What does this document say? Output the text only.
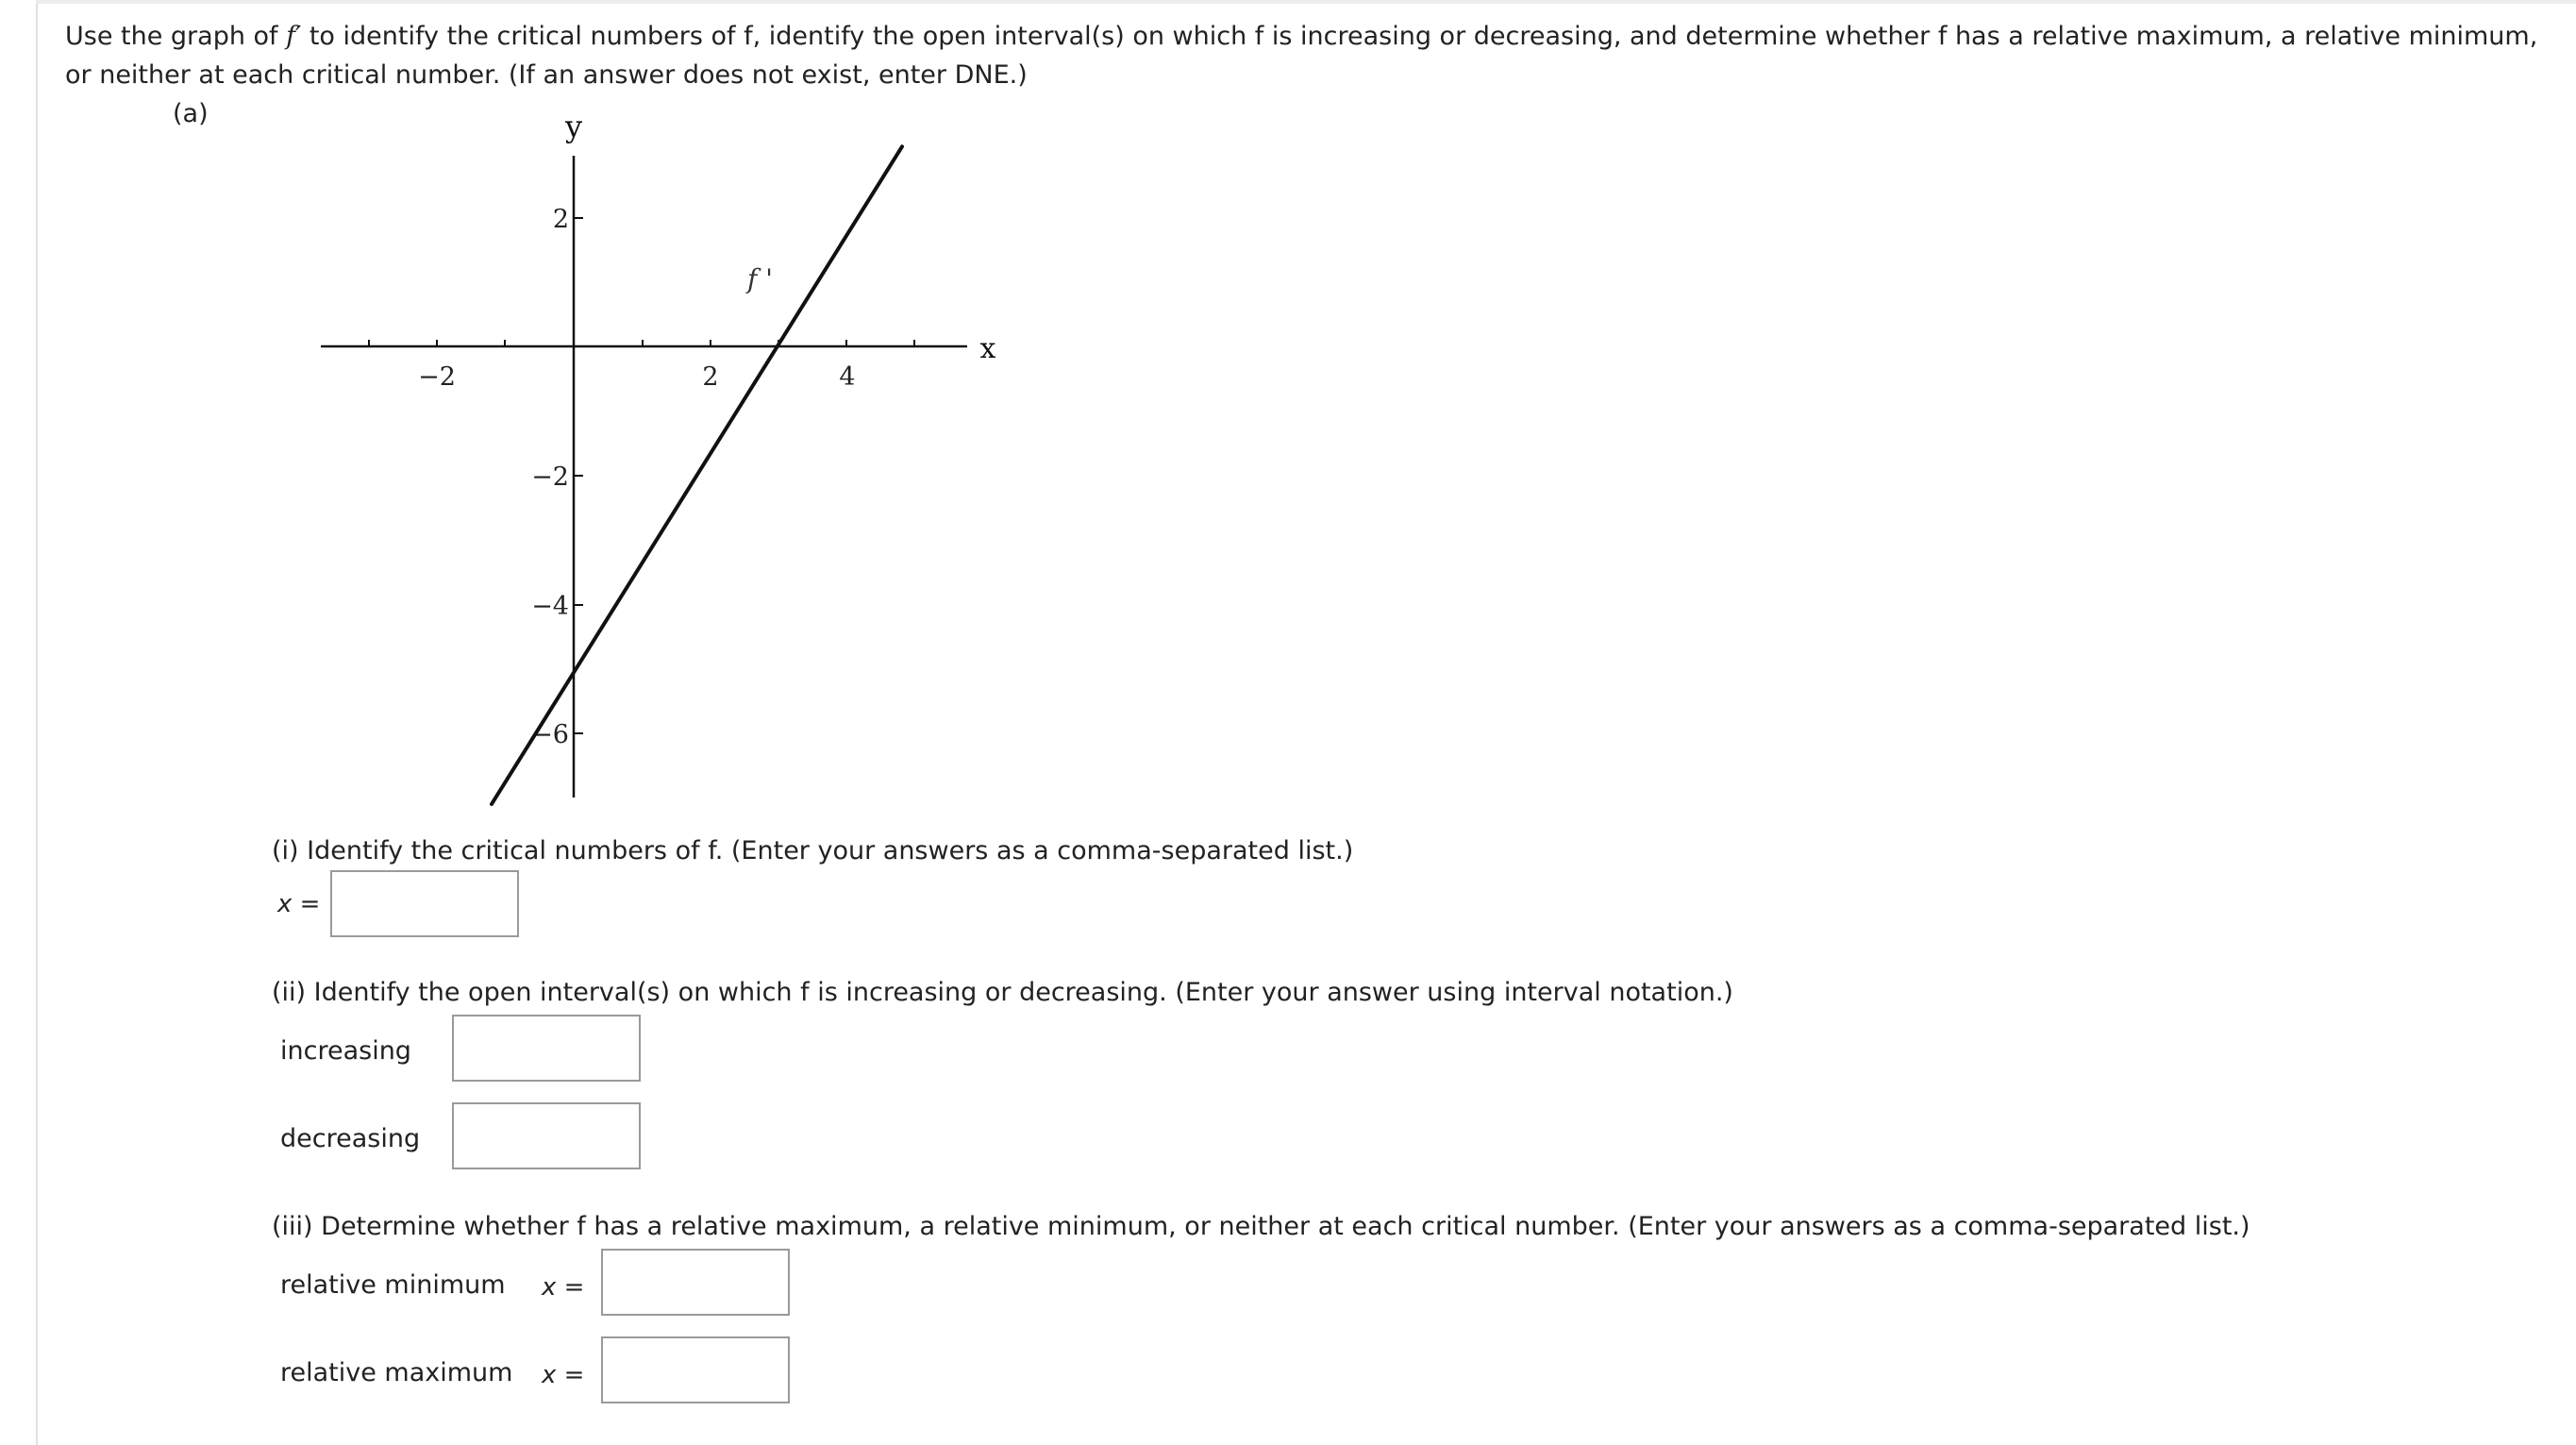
Use the graph of f′ to identify the critical numbers of f, identify the open interval(s) on which f is increasing or decreasing, and determine whether f has a relative maximum, a relative minimum, or neither at each critical number. (If an answer does not exist, enter DNE.)
(a)	y
x
−2	2	4
2
−2
−4
−6
f '
(i) Identify the critical numbers of f. (Enter your answers as a comma-separated list.)
x =
(ii) Identify the open interval(s) on which f is increasing or decreasing. (Enter your answer using interval notation.)
increasing
decreasing
(iii) Determine whether f has a relative maximum, a relative minimum, or neither at each critical number. (Enter your answers as a comma-separated list.)
relative minimum x =
relative maximum x =
